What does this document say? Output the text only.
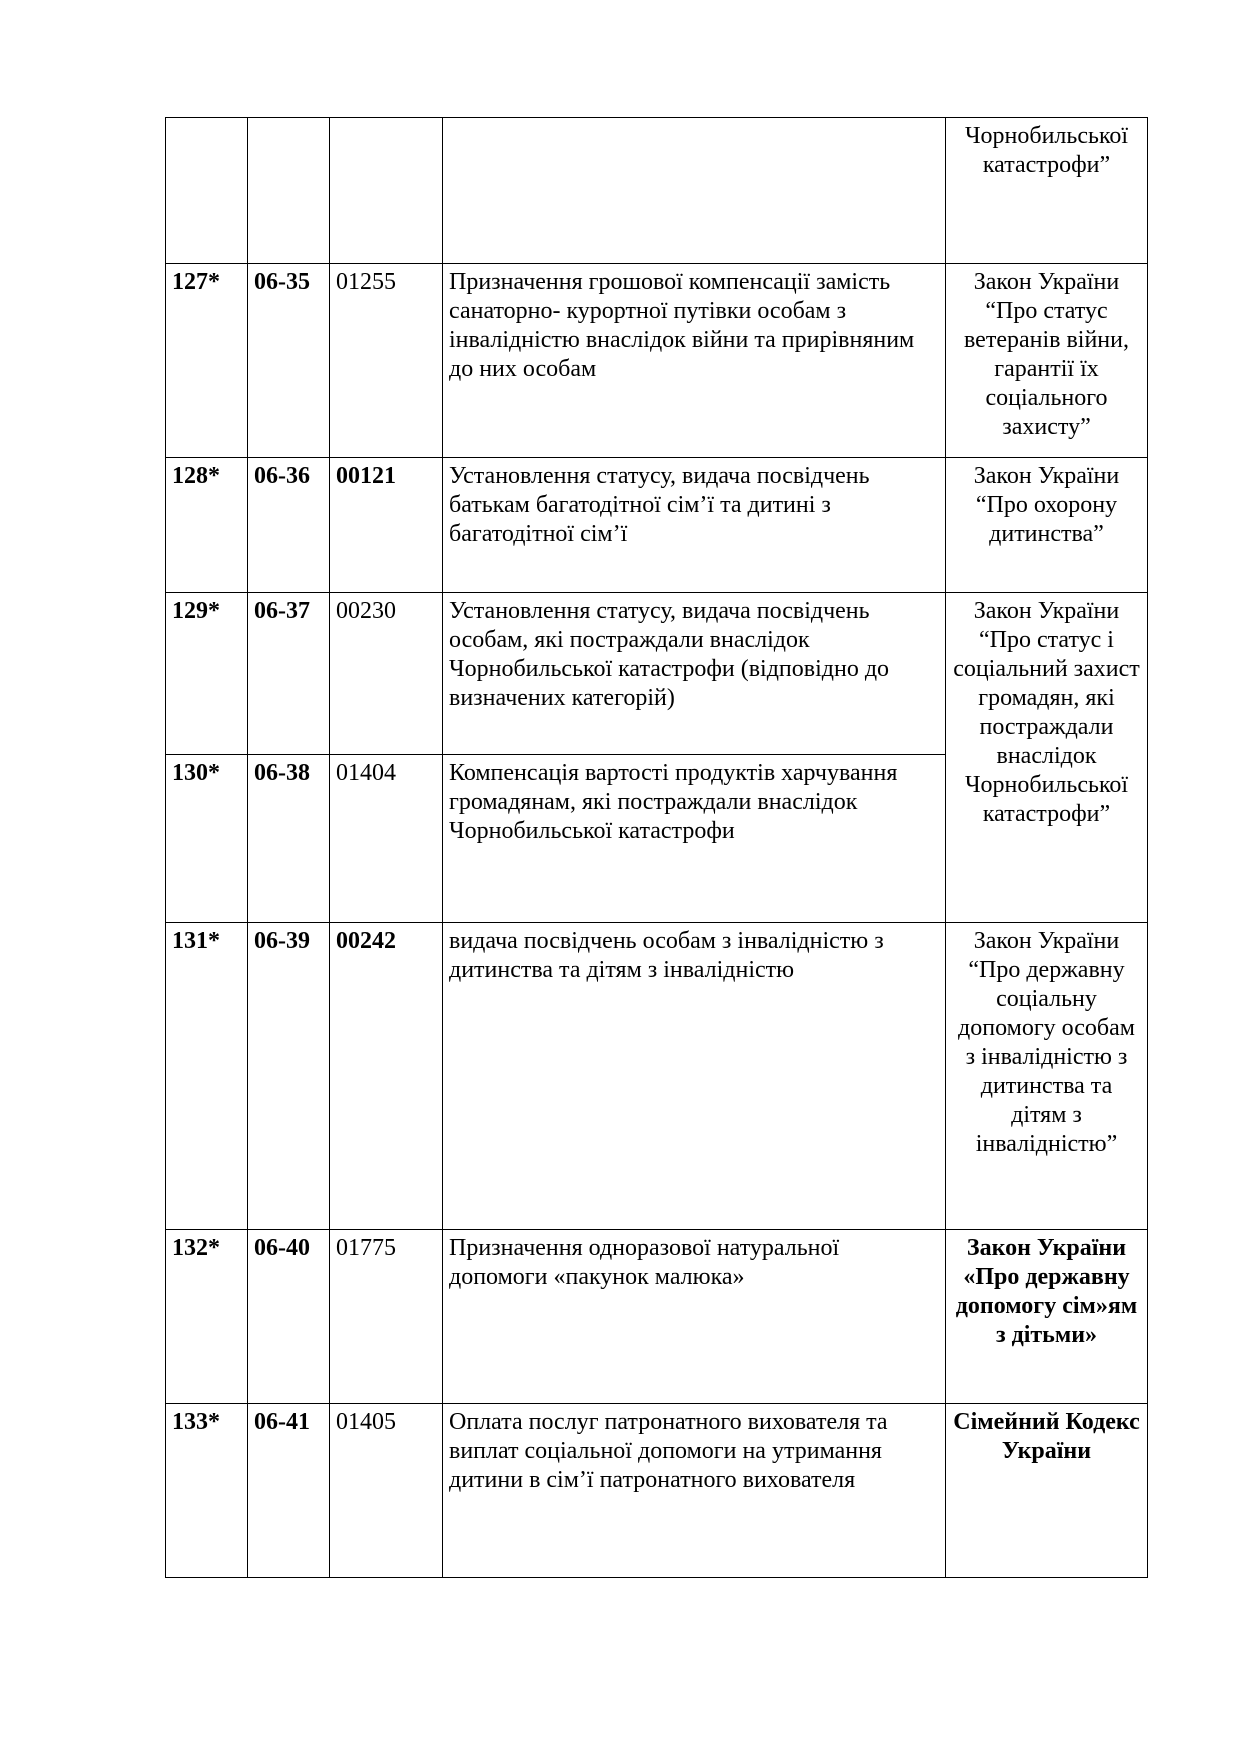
				Чорнобильської катастрофи”
127*	06-35	01255	Призначення грошової компенсації замість санаторно- курортної путівки особам з інвалідністю внаслідок війни та прирівняним до них особам	Закон України “Про статус ветеранів війни, гарантії їх соціального захисту”
128*	06-36	00121	Установлення статусу, видача посвідчень батькам багатодітної сім’ї та дитині з багатодітної сім’ї	Закон України “Про охорону дитинства”
129*	06-37	00230	Установлення статусу, видача посвідчень особам, які постраждали внаслідок Чорнобильської катастрофи (відповідно до визначених категорій)	Закон України “Про статус і соціальний захист громадян, які постраждали внаслідок Чорнобильської катастрофи”
130*	06-38	01404	Компенсація вартості продуктів харчування громадянам, які постраждали внаслідок Чорнобильської катастрофи	
131*	06-39	00242	видача посвідчень особам з інвалідністю з дитинства та дітям з інвалідністю	Закон України “Про державну соціальну допомогу особам з інвалідністю з дитинства та дітям з інвалідністю”
132*	06-40	01775	Призначення одноразової натуральної допомоги «пакунок малюка»	Закон України «Про державну допомогу сім»ям з дітьми»
133*	06-41	01405	Оплата послуг патронатного вихователя та виплат соціальної допомоги на утримання дитини в сім’ї патронатного вихователя	Сімейний Кодекс України
